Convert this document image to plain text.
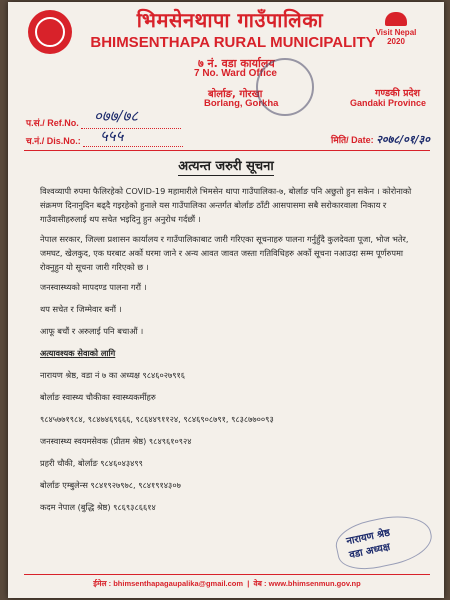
भिमसेनथापा गाउँपालिका
BHIMSENTHAPA RURAL MUNICIPALITY
Visit Nepal 2020
७ नं. वडा कार्यालय
7 No. Ward Office
बोर्लाङ, गोरखा
Borlang, Gorkha
गण्डकी प्रदेश
Gandaki Province
प.सं./ Ref.No.	०७७/७८
च.नं./ Dis.No.:	५५५	मिति/ Date: २०७८/०१/३०
अत्यन्त जरुरी सूचना

विश्वव्यापी रुपमा फैलिरहेको COVID-19 महामारीले भिमसेन थापा गाउँपालिका-७, बोर्लाङ पनि अछुतो हुन सकेन । कोरोनाको संक्रमण दिनानुदिन बढ्दै गइरहेको हुनाले यस गाउँपालिका अन्तर्गत बोर्लाङ ठाँटी आसपासमा सबै सरोकारवाला निकाय र गाउँवासीहरुलाई थप सचेत भइदिनु हुन अनुरोध गर्दछौं ।

नेपाल सरकार, जिल्ला प्रशासन कार्यालय र गाउँपालिकाबाट जारी गरिएका सूचनाहरु पालना गर्नुहुँदै कुलदेवता पूजा, भोज भतेर, जमघट, खेलकुद, एक घरबाट अर्को घरमा जाने र अन्य आवत जावत जस्ता गतिविधिहरु अर्को सूचना नआउदा सम्म पूर्णरुपमा रोक्नुहुन यो सूचना जारी गरिएको छ ।

जनस्वास्थ्यको मापदण्ड पालना गरौं ।
थप सचेत र जिम्मेवार बनौं ।
आफू बचौं र अरुलाई पनि बचाऔं ।
अत्यावश्यक सेवाको लागि
नारायण श्रेष्ठ, वडा नं ७ का अध्यक्ष ९८४६०२७९१६
बोर्लाङ स्वास्थ्य चौकीका स्वास्थ्यकर्मीहरु
९८४५७७१९८४, ९८४७४६९६६६, ९८६४४९११२४, ९८४६९०८७९१, ९८३८७७००९३
जनस्वास्थ्य स्वयमसेवक (प्रीतम श्रेष्ठ) ९८४९६१०९२४
प्रहरी चौकी, बोर्लाङ ९८४६०४३४९९
बोर्लाङ एम्बुलेन्स ९८४१९२७९७८, ९८४१९१४३०७
कदम नेपाल (बुद्धि श्रेष्ठ) ९८६९३८६६१४
नारायण श्रेष्ठ
वडा अध्यक्ष
ईमेल : bhimsenthapagaupalika@gmail.com  |  वेब : www.bhimsenmun.gov.np
